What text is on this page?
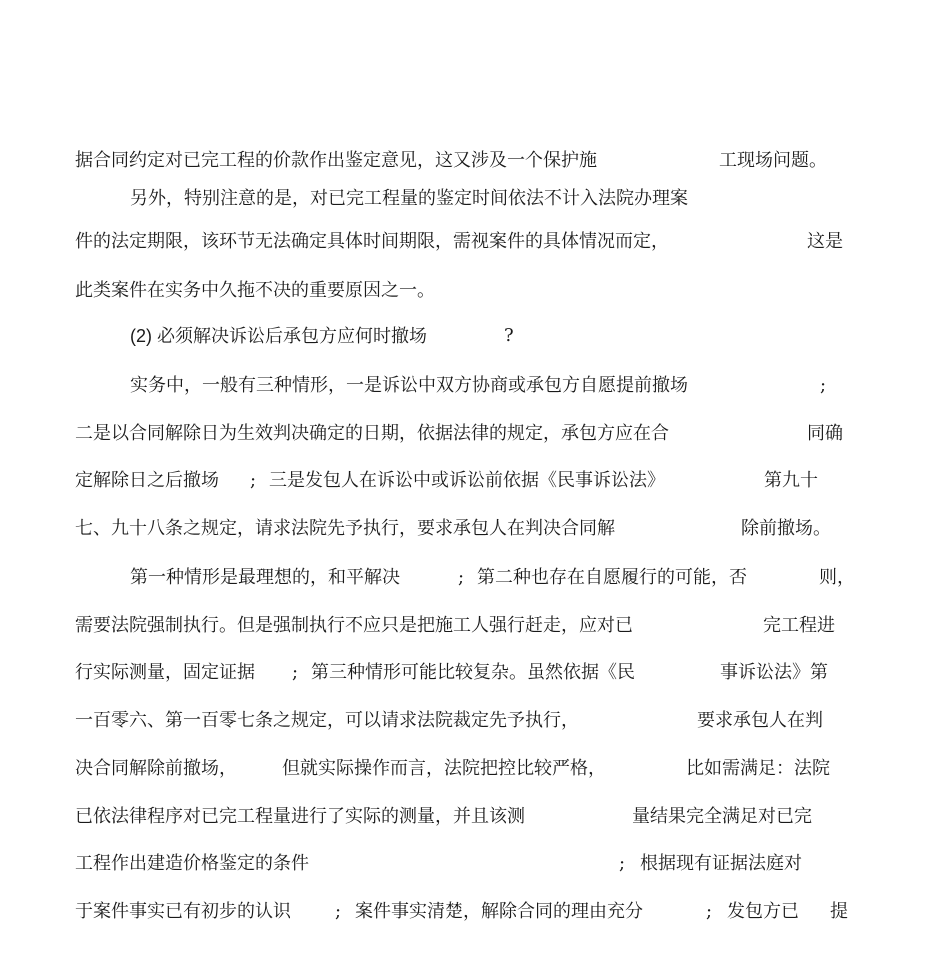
据合同约定对已完工程的价款作出鉴定意见，这又涉及一个保护施	工现场问题。
另外，特别注意的是，对已完工程量的鉴定时间依法不计入法院办理案
件的法定期限，该环节无法确定具体时间期限，需视案件的具体情况而定，	这是
此类案件在实务中久拖不决的重要原因之一。
(2) 必须解决诉讼后承包方应何时撤场	?
实务中，一般有三种情形，一是诉讼中双方协商或承包方自愿提前撤场	;
二是以合同解除日为生效判决确定的日期，依据法律的规定，承包方应在合	同确
定解除日之后撤场 ; 三是发包人在诉讼中或诉讼前依据《民事诉讼法》	第九十
七、九十八条之规定，请求法院先予执行，要求承包人在判决合同解	除前撤场。
第一种情形是最理想的，和平解决	; 第二种也存在自愿履行的可能，否	则，
需要法院强制执行。但是强制执行不应只是把施工人强行赶走，应对已	完工程进
行实际测量，固定证据 ; 第三种情形可能比较复杂。虽然依据《民	事诉讼法》第
一百零六、第一百零七条之规定，可以请求法院裁定先予执行，	要求承包人在判
决合同解除前撤场，	但就实际操作而言，法院把控比较严格，	比如需满足：法院
已依法律程序对已完工程量进行了实际的测量，并且该测	量结果完全满足对已完
工程作出建造价格鉴定的条件	; 根据现有证据法庭对
于案件事实已有初步的认识 ; 案件事实清楚，解除合同的理由充分	; 发包方已 提
